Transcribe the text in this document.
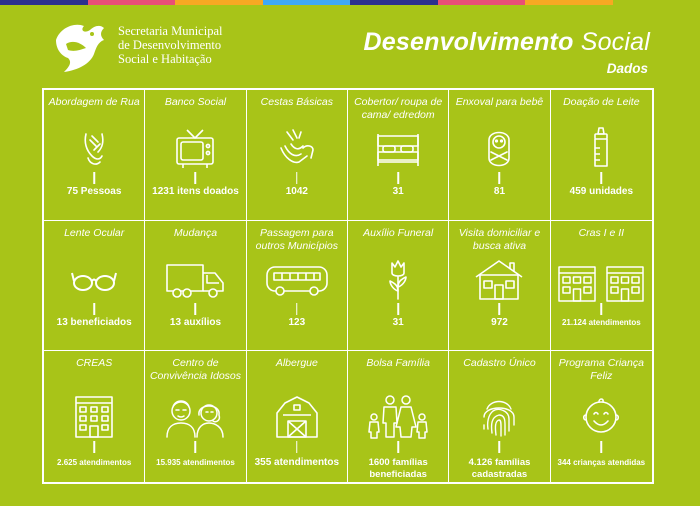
Secretaria Municipal
de Desenvolvimento
Social e Habitação
Desenvolvimento Social
Dados
Abordagem de Rua
75 Pessoas
Banco Social
1231 itens doados
Cestas Básicas
1042
Cobertor/ roupa de cama/ edredom
31
Enxoval para bebê
81
Doação de Leite
459 unidades
Lente Ocular
13 beneficiados
Mudança
13 auxílios
Passagem para outros Municípios
123
Auxílio Funeral
31
Visita domiciliar e busca ativa
972
Cras I e II
21.124 atendimentos
CREAS
2.625 atendimentos
Centro de Convivência Idosos
15.935 atendimentos
Albergue
355 atendimentos
Bolsa Família
1600 famílias beneficiadas
Cadastro Único
4.126 famílias cadastradas
Programa Criança Feliz
344 crianças atendidas
